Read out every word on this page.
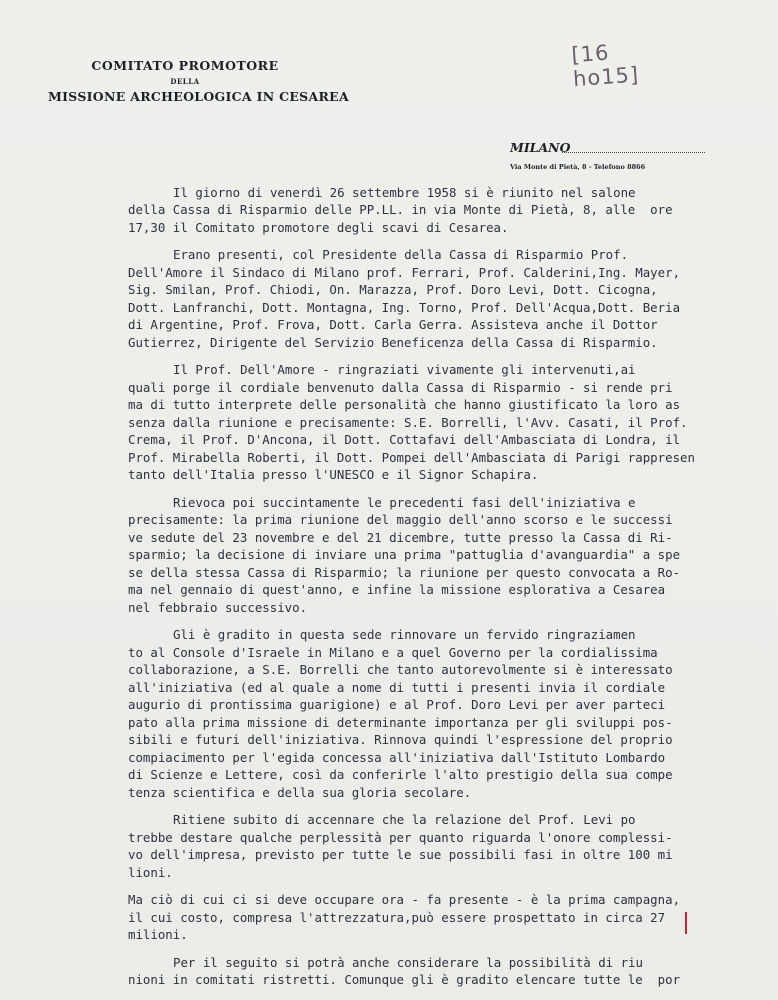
COMITATO PROMOTORE
DELLA
MISSIONE ARCHEOLOGICA IN CESAREA
[16 ho15]
MILANO
Via Monte di Pietà, 8 - Telefono 8866
Il giorno di venerdì 26 settembre 1958 si è riunito nel salone
della Cassa di Risparmio delle PP.LL. in via Monte di Pietà, 8, alle  ore
17,30 il Comitato promotore degli scavi di Cesarea.
Erano presenti, col Presidente della Cassa di Risparmio Prof.
Dell'Amore il Sindaco di Milano prof. Ferrari, Prof. Calderini,Ing. Mayer,
Sig. Smilan, Prof. Chiodi, On. Marazza, Prof. Doro Levi, Dott. Cicogna,
Dott. Lanfranchi, Dott. Montagna, Ing. Torno, Prof. Dell'Acqua,Dott. Beria
di Argentine, Prof. Frova, Dott. Carla Gerra. Assisteva anche il Dottor
Gutierrez, Dirigente del Servizio Beneficenza della Cassa di Risparmio.
Il Prof. Dell'Amore - ringraziati vivamente gli intervenuti,ai
quali porge il cordiale benvenuto dalla Cassa di Risparmio - si rende pri
ma di tutto interprete delle personalità che hanno giustificato la loro as
senza dalla riunione e precisamente: S.E. Borrelli, l'Avv. Casati, il Prof.
Crema, il Prof. D'Ancona, il Dott. Cottafavi dell'Ambasciata di Londra, il
Prof. Mirabella Roberti, il Dott. Pompei dell'Ambasciata di Parigi rappresen
tanto dell'Italia presso l'UNESCO e il Signor Schapira.
Rievoca poi succintamente le precedenti fasi dell'iniziativa e
precisamente: la prima riunione del maggio dell'anno scorso e le successi
ve sedute del 23 novembre e del 21 dicembre, tutte presso la Cassa di Ri-
sparmio; la decisione di inviare una prima "pattuglia d'avanguardia" a spe
se della stessa Cassa di Risparmio; la riunione per questo convocata a Ro-
ma nel gennaio di quest'anno, e infine la missione esplorativa a Cesarea
nel febbraio successivo.
Gli è gradito in questa sede rinnovare un fervido ringraziamen
to al Console d'Israele in Milano e a quel Governo per la cordialissima
collaborazione, a S.E. Borrelli che tanto autorevolmente si è interessato
all'iniziativa (ed al quale a nome di tutti i presenti invia il cordiale
augurio di prontissima guarigione) e al Prof. Doro Levi per aver parteci
pato alla prima missione di determinante importanza per gli sviluppi pos-
sibili e futuri dell'iniziativa. Rinnova quindi l'espressione del proprio
compiacimento per l'egida concessa all'iniziativa dall'Istituto Lombardo
di Scienze e Lettere, così da conferirle l'alto prestigio della sua compe
tenza scientifica e della sua gloria secolare.
Ritiene subito di accennare che la relazione del Prof. Levi po
trebbe destare qualche perplessità per quanto riguarda l'onore complessi-
vo dell'impresa, previsto per tutte le sue possibili fasi in oltre 100 mi
lioni.
Ma ciò di cui ci si deve occupare ora - fa presente - è la prima campagna,
il cui costo, compresa l'attrezzatura,può essere prospettato in circa 27
milioni.
Per il seguito si potrà anche considerare la possibilità di riu
nioni in comitati ristretti. Comunque gli è gradito elencare tutte le  por
